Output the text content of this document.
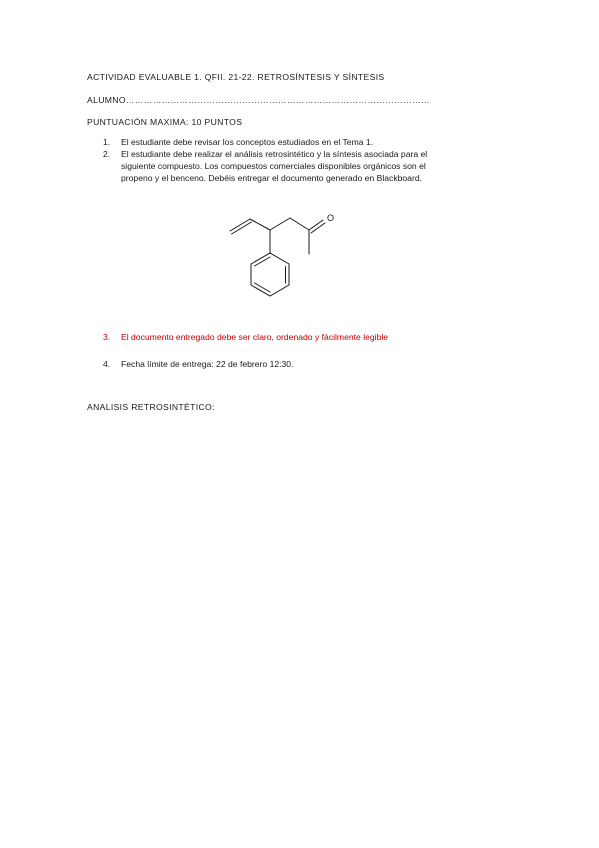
ACTIVIDAD EVALUABLE 1. QFII. 21-22. RETROSÍNTESIS Y SÍNTESIS
ALUMNO…………………………………………………………………………………………
PUNTUACIÓN MAXIMA: 10 PUNTOS
1.	El estudiante debe revisar los conceptos estudiados en el Tema 1.
2.	El estudiante debe realizar el análisis retrosintético y la síntesis asociada para el
siguiente compuesto. Los compuestos comerciales disponibles orgánicos son el
propeno y el benceno. Debéis entregar el documento generado en Blackboard.
O
3.	El documento entregado debe ser claro, ordenado y fácilmente legible
4.	Fecha límite de entrega: 22 de febrero 12:30.
ANALISIS RETROSINTÉTICO:
